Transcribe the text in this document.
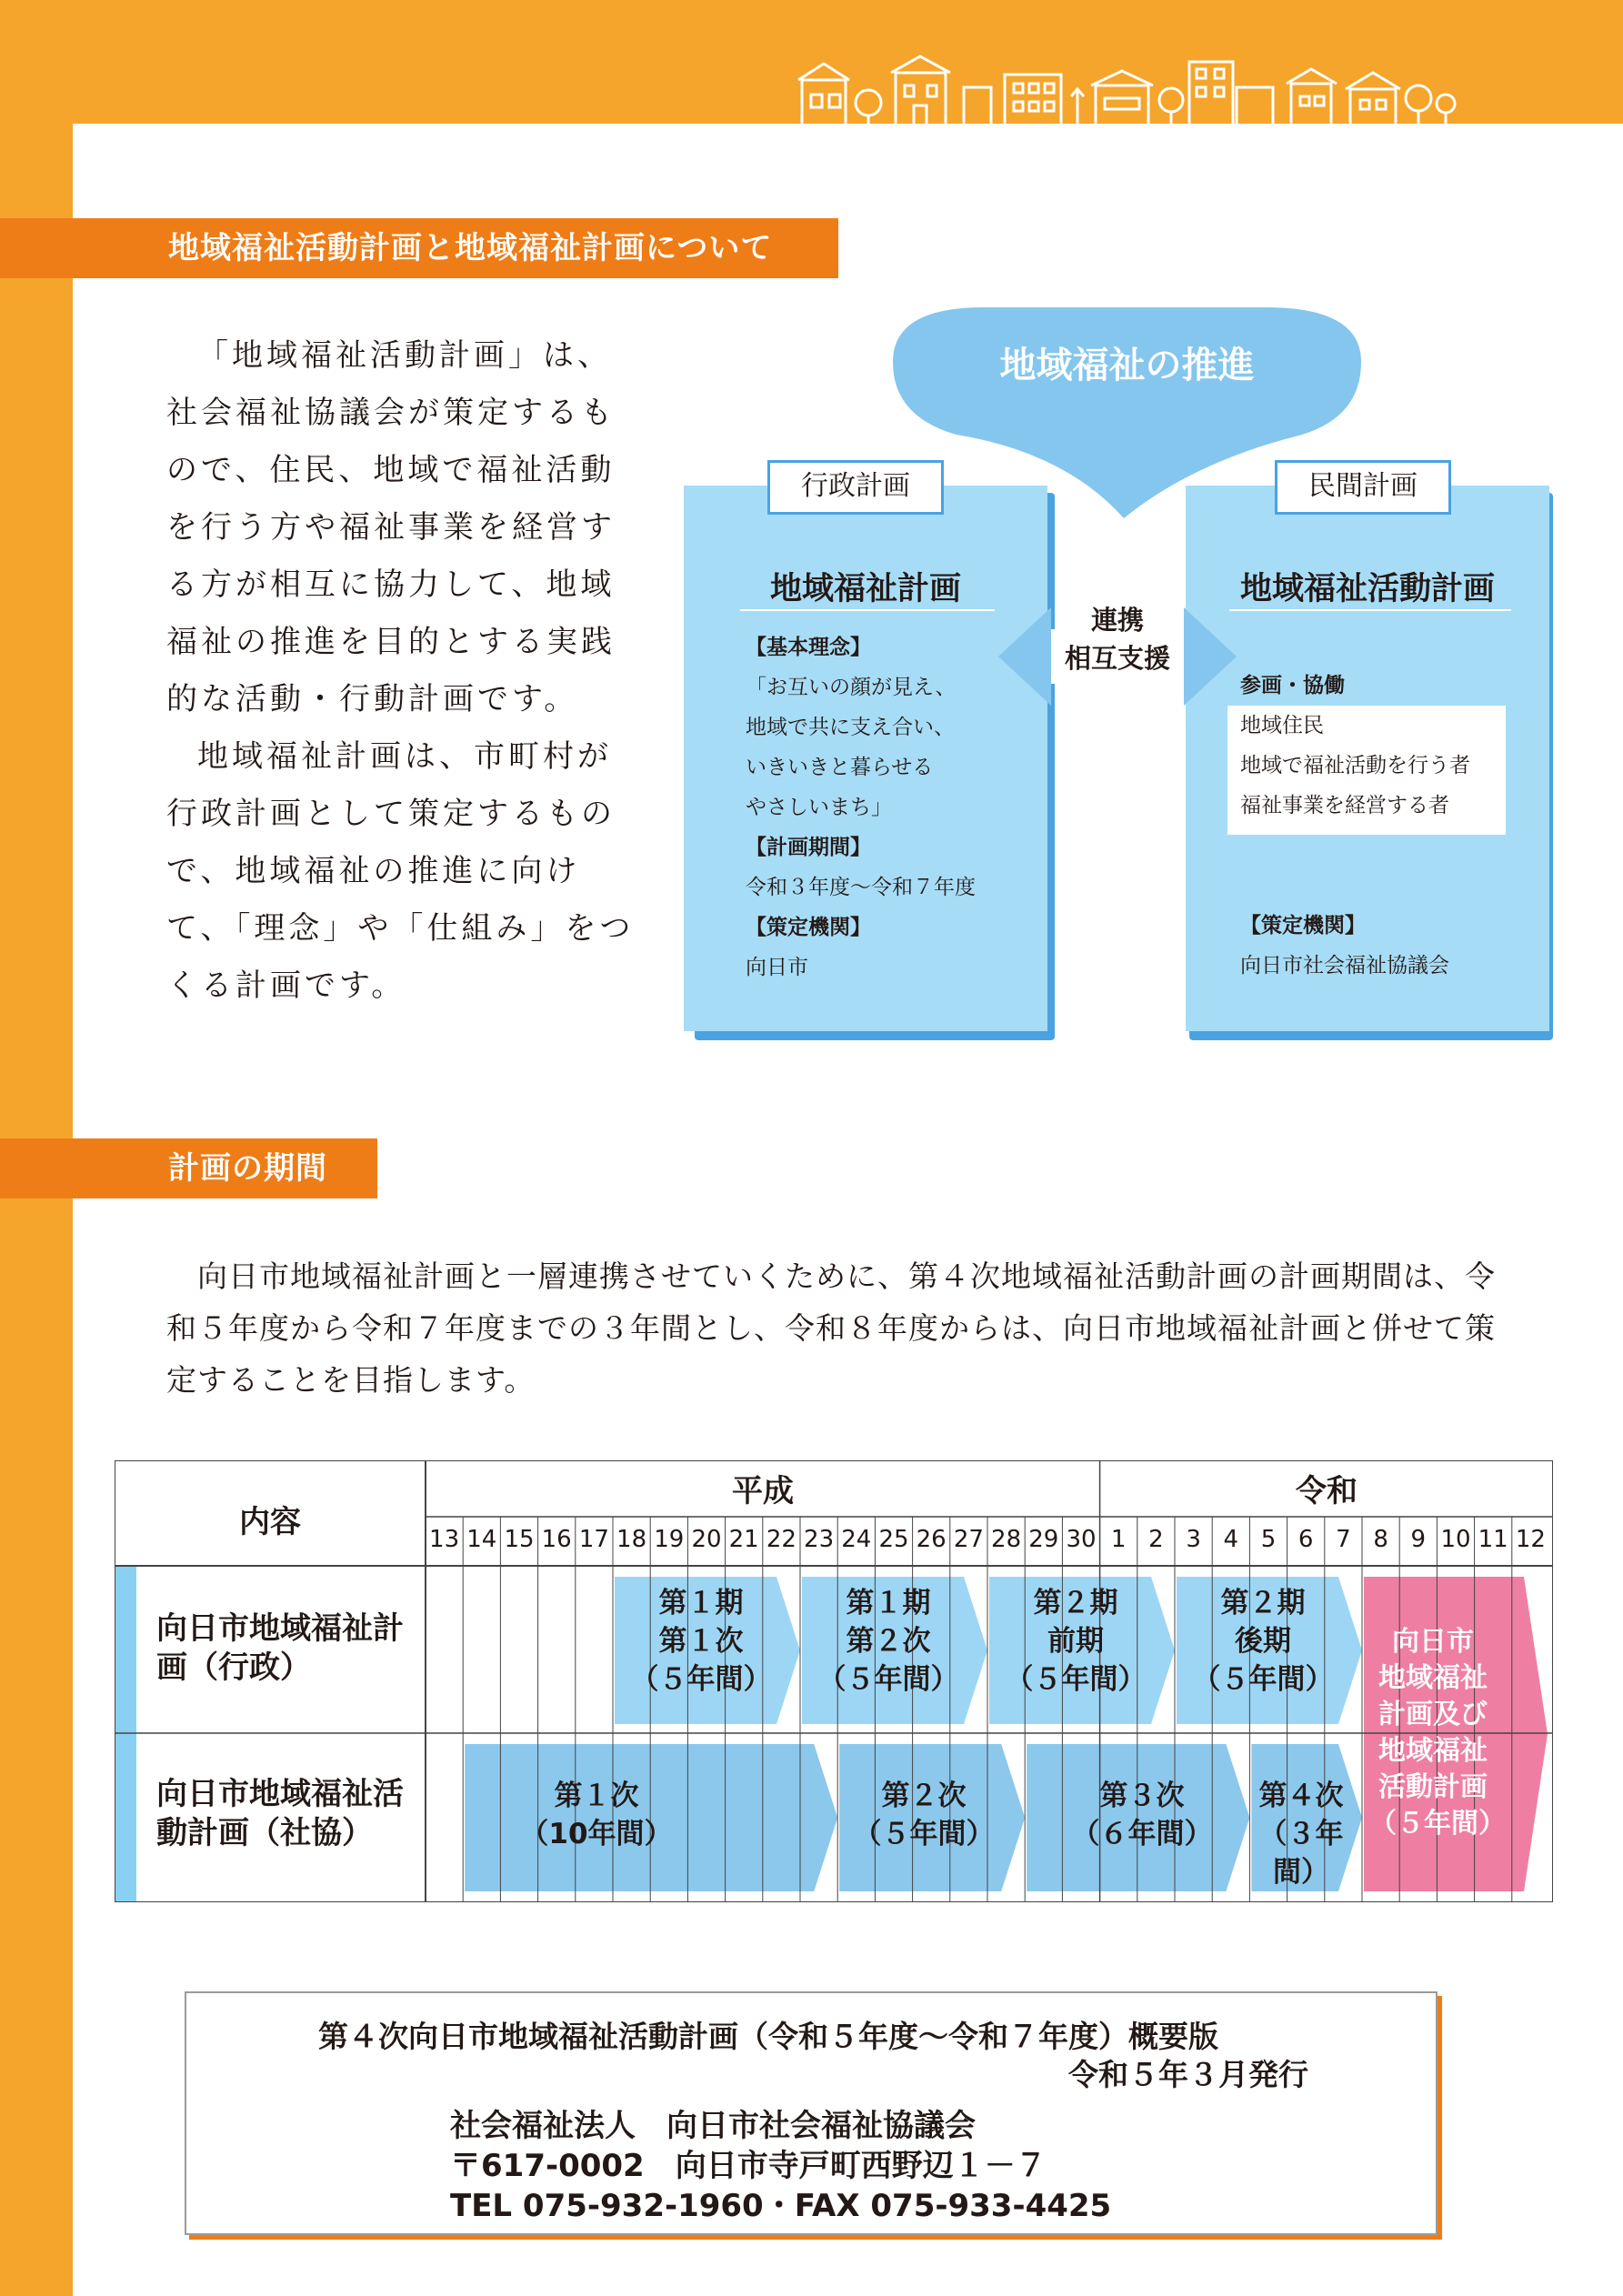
地域福祉活動計画と地域福祉計画について

「地域福祉活動計画」は、社会福祉協議会が策定するもので、住民、地域で福祉活動を行う方や福祉事業を経営する方が相互に協力して、地域福祉の推進を目的とする実践的な活動・行動計画です。

地域福祉計画は、市町村が行政計画として策定するもので、地域福祉の推進に向けて、「理念」や「仕組み」をつくる計画です。

地域福祉の推進
行政計画
地域福祉計画
【基本理念】
「お互いの顔が見え、
地域で共に支え合い、
いきいきと暮らせる
やさしいまち」
【計画期間】
令和３年度～令和７年度
【策定機関】
向日市
民間計画
地域福祉活動計画
参画・協働
地域住民
地域で福祉活動を行う者
福祉事業を経営する者
【策定機関】
向日市社会福祉協議会
連携
相互支援
計画の期間

向日市地域福祉計画と一層連携させていくために、第４次地域福祉活動計画の計画期間は、令和５年度から令和７年度までの３年間とし、令和８年度からは、向日市地域福祉計画と併せて策定することを目指します。

内容
平成	令和
13 14 15 16 17 18 19 20 21 22 23 24 25 26 27 28 29 30 1 2 3 4 5 6 7 8 9 10 11 12
向日市地域福祉計画（行政）
向日市地域福祉活動計画（社協）
第１期
第１次
（５年間）
第１期
第２次
（５年間）
第２期
前期
（５年間）
第２期
後期
（５年間）
第１次
（10年間）
第２次
（５年間）
第３次
（６年間）
第４次
（３年間）
向日市
地域福祉
計画及び
地域福祉
活動計画
（５年間）
第４次向日市地域福祉活動計画（令和５年度～令和７年度）概要版
令和５年３月発行
社会福祉法人　向日市社会福祉協議会
〒617-0002　向日市寺戸町西野辺１－７
TEL 075-932-1960・FAX 075-933-4425
